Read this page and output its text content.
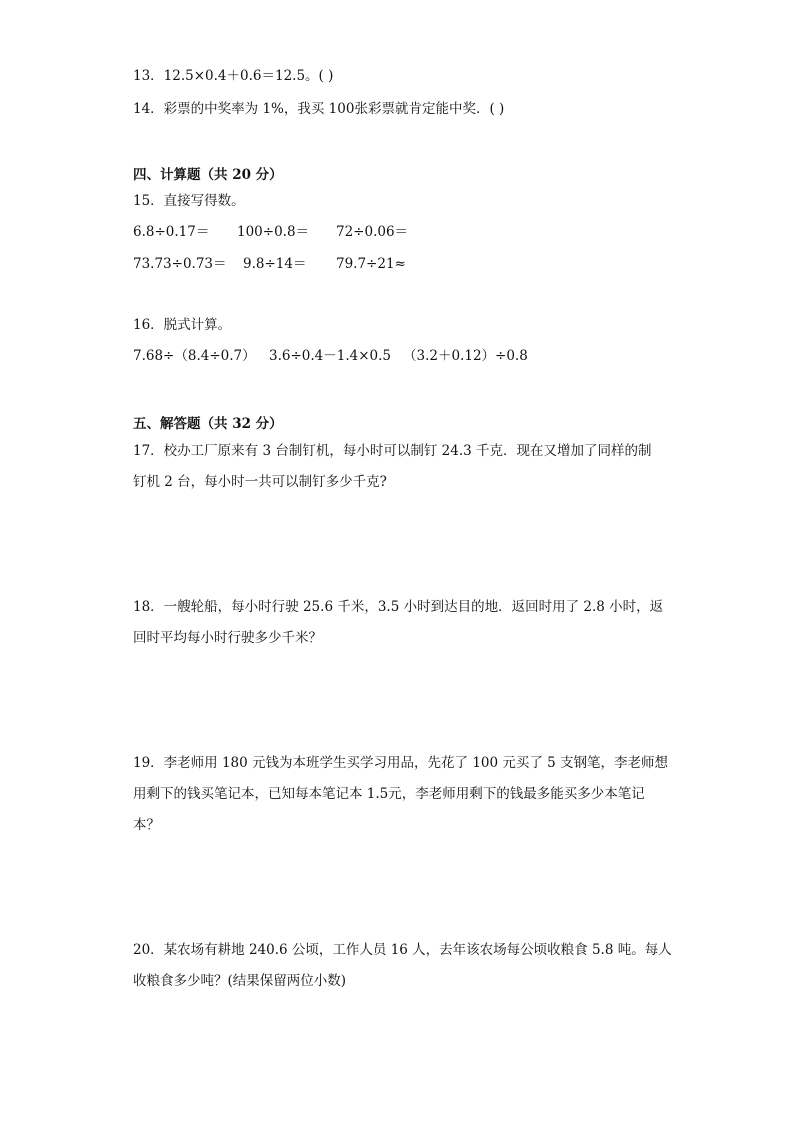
13．12.5×0.4＋0.6＝12.5。( )
14．彩票的中奖率为 1%，我买 100张彩票就肯定能中奖．( )
四、计算题（共 20 分）
15．直接写得数。
6.8÷0.17＝ 100÷0.8＝ 72÷0.06＝
73.73÷0.73＝ 9.8÷14＝ 79.7÷21≈
16．脱式计算。
7.68÷（8.4÷0.7） 3.6÷0.4－1.4×0.5 （3.2＋0.12）÷0.8
五、解答题（共 32 分）
17．校办工厂原来有 3 台制钉机，每小时可以制钉 24.3 千克．现在又增加了同样的制
钉机 2 台，每小时一共可以制钉多少千克?
18．一艘轮船，每小时行驶 25.6 千米，3.5 小时到达目的地．返回时用了 2.8 小时，返
回时平均每小时行驶多少千米？
19．李老师用 180 元钱为本班学生买学习用品，先花了 100 元买了 5 支钢笔，李老师想
用剩下的钱买笔记本，已知每本笔记本 1.5元，李老师用剩下的钱最多能买多少本笔记
本？
20．某农场有耕地 240.6 公顷，工作人员 16 人，去年该农场每公顷收粮食 5.8 吨。每人
收粮食多少吨？(结果保留两位小数)
